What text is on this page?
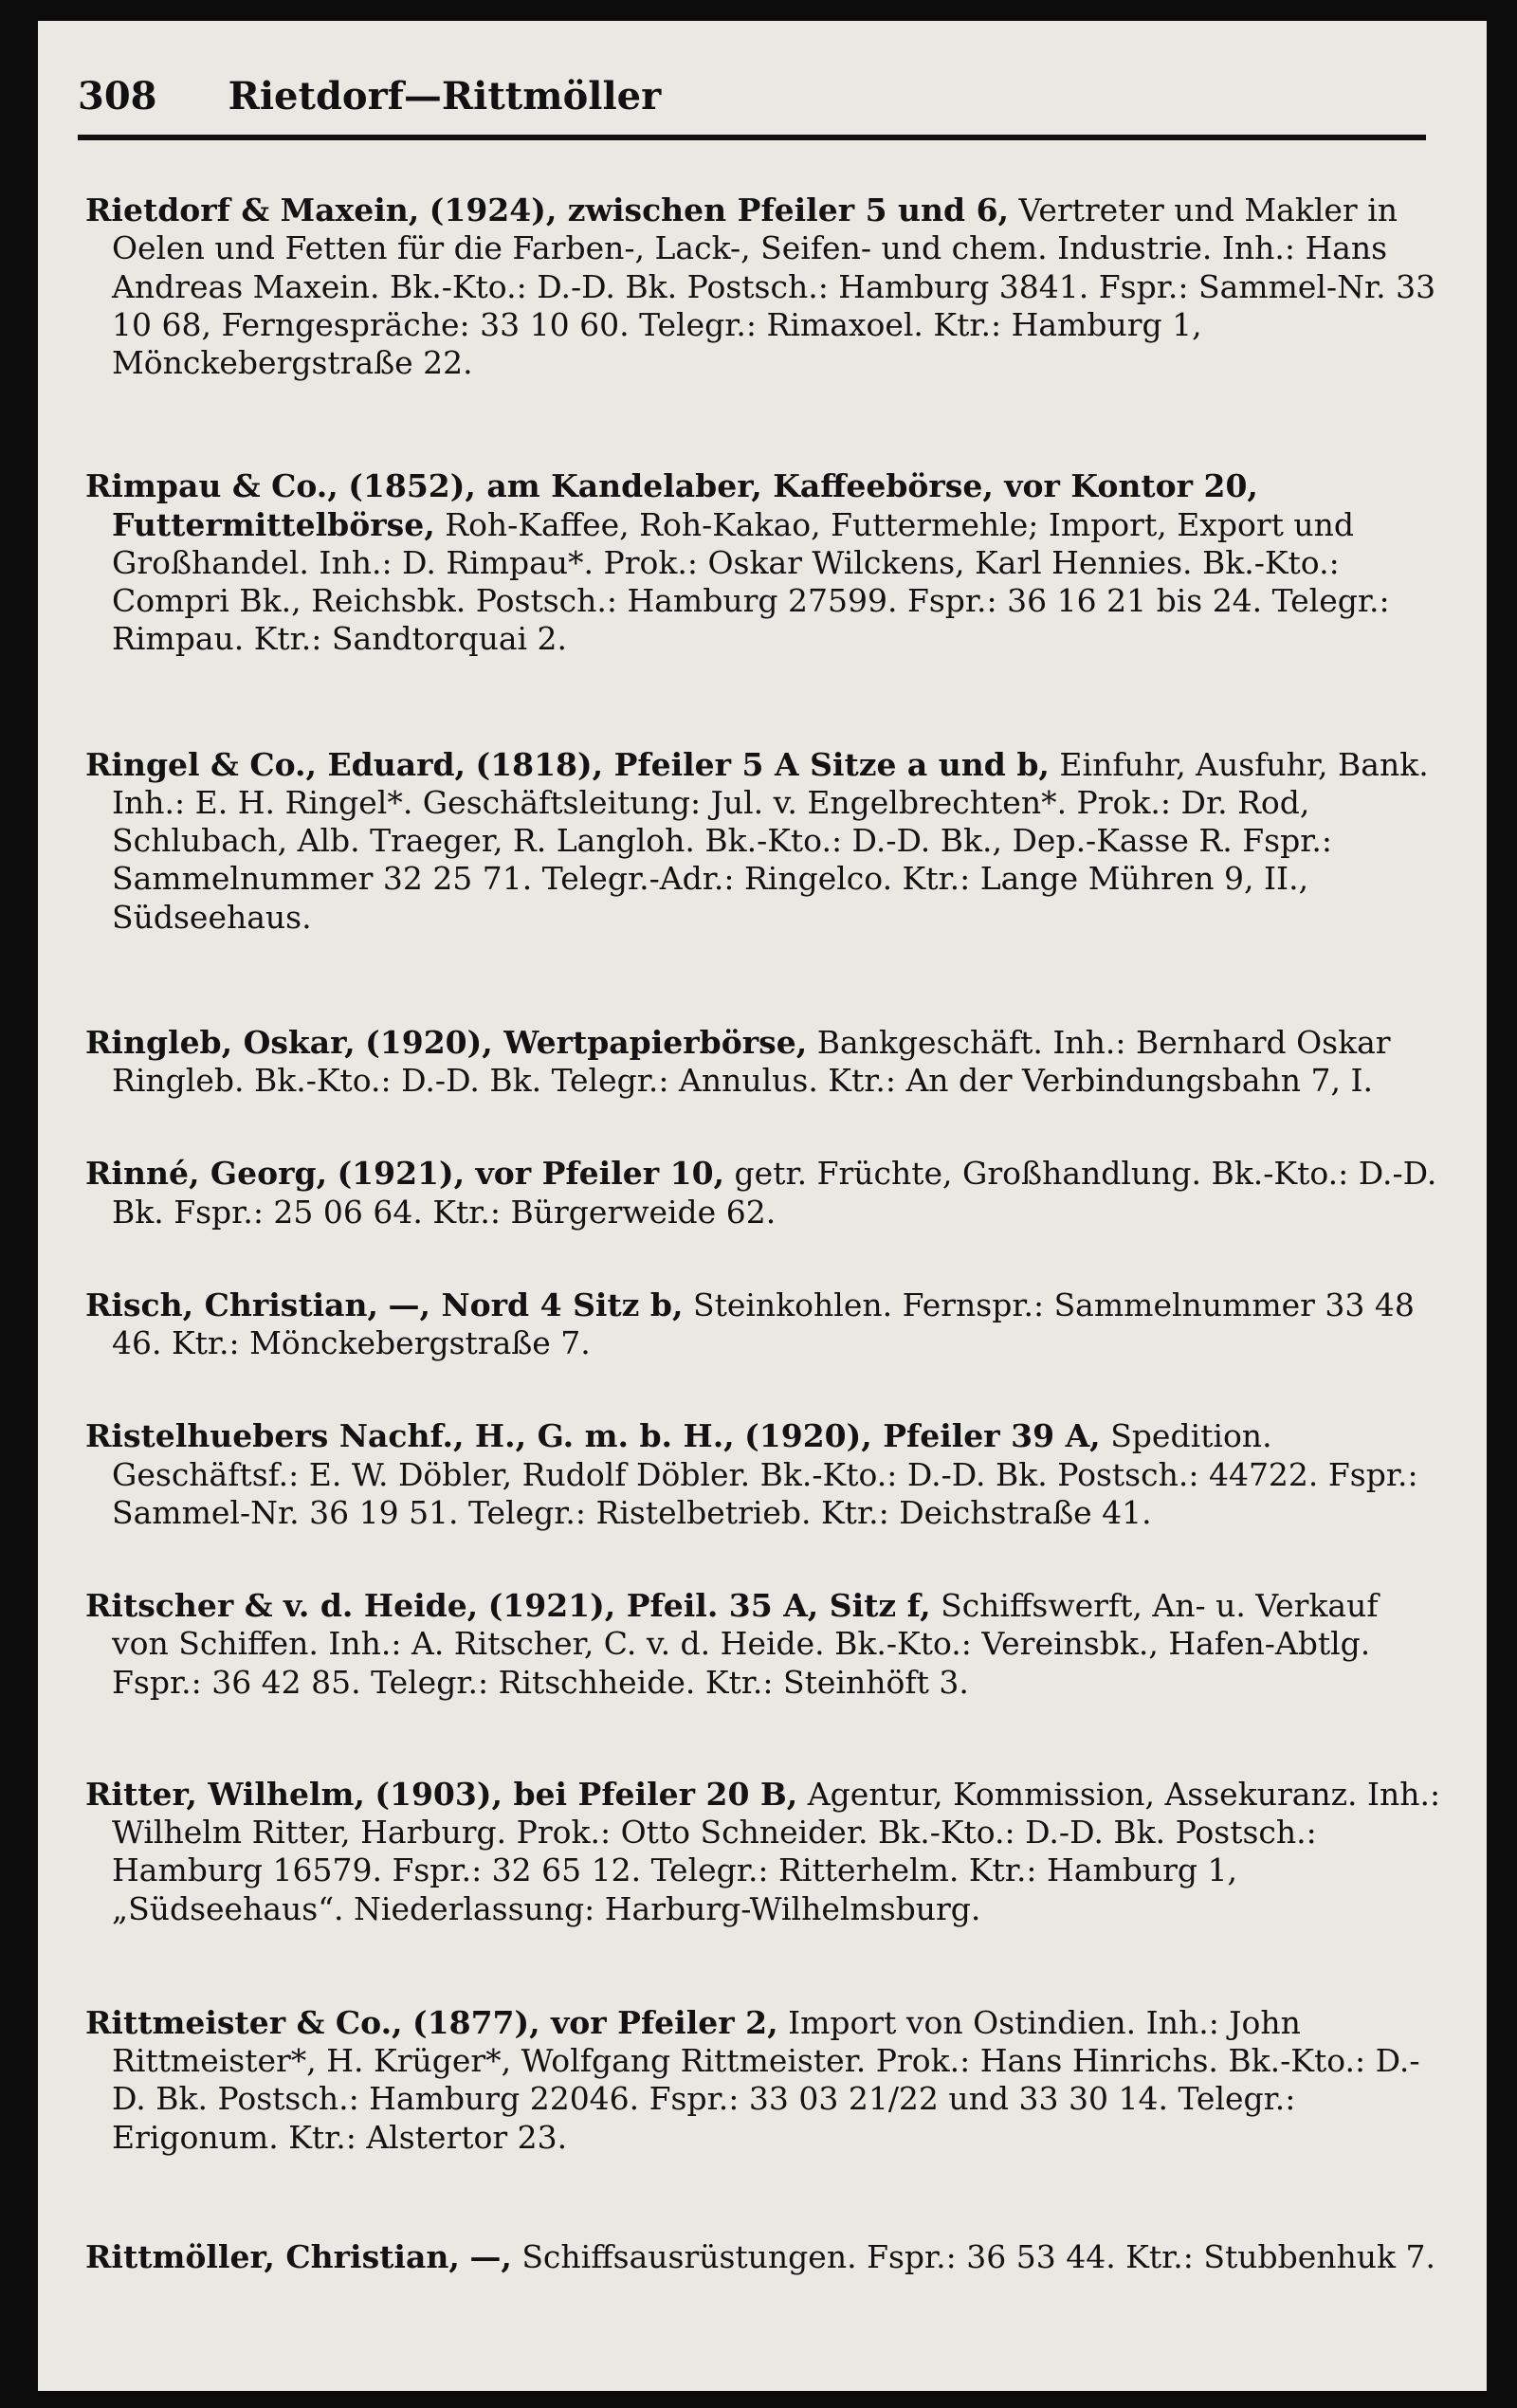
308 Rietdorf—Rittmöller

Rietdorf & Maxein, (1924), zwischen Pfeiler 5 und 6, Vertreter und Makler in Oelen und Fetten für die Farben-, Lack-, Seifen- und chem. Industrie. Inh.: Hans Andreas Maxein. Bk.-Kto.: D.-D. Bk. Postsch.: Hamburg 3841. Fspr.: Sammel-Nr. 33 10 68, Ferngespräche: 33 10 60. Telegr.: Rimaxoel. Ktr.: Hamburg 1, Mönckebergstraße 22.

Rimpau & Co., (1852), am Kandelaber, Kaffeebörse, vor Kontor 20, Futtermittelbörse, Roh-Kaffee, Roh-Kakao, Futtermehle; Import, Export und Großhandel. Inh.: D. Rimpau*. Prok.: Oskar Wilckens, Karl Hennies. Bk.-Kto.: Compri Bk., Reichsbk. Postsch.: Hamburg 27599. Fspr.: 36 16 21 bis 24. Telegr.: Rimpau. Ktr.: Sandtorquai 2.

Ringel & Co., Eduard, (1818), Pfeiler 5 A Sitze a und b, Einfuhr, Ausfuhr, Bank. Inh.: E. H. Ringel*. Geschäftsleitung: Jul. v. Engelbrechten*. Prok.: Dr. Rod, Schlubach, Alb. Traeger, R. Langloh. Bk.-Kto.: D.-D. Bk., Dep.-Kasse R. Fspr.: Sammelnummer 32 25 71. Telegr.-Adr.: Ringelco. Ktr.: Lange Mühren 9, II., Südseehaus.

Ringleb, Oskar, (1920), Wertpapierbörse, Bankgeschäft. Inh.: Bernhard Oskar Ringleb. Bk.-Kto.: D.-D. Bk. Telegr.: Annulus. Ktr.: An der Verbindungsbahn 7, I.

Rinné, Georg, (1921), vor Pfeiler 10, getr. Früchte, Großhandlung. Bk.-Kto.: D.-D. Bk. Fspr.: 25 06 64. Ktr.: Bürgerweide 62.

Risch, Christian, —, Nord 4 Sitz b, Steinkohlen. Fernspr.: Sammelnummer 33 48 46. Ktr.: Mönckebergstraße 7.

Ristelhuebers Nachf., H., G. m. b. H., (1920), Pfeiler 39 A, Spedition. Geschäftsf.: E. W. Döbler, Rudolf Döbler. Bk.-Kto.: D.-D. Bk. Postsch.: 44722. Fspr.: Sammel-Nr. 36 19 51. Telegr.: Ristelbetrieb. Ktr.: Deichstraße 41.

Ritscher & v. d. Heide, (1921), Pfeil. 35 A, Sitz f, Schiffswerft, An- u. Verkauf von Schiffen. Inh.: A. Ritscher, C. v. d. Heide. Bk.-Kto.: Vereinsbk., Hafen-Abtlg. Fspr.: 36 42 85. Telegr.: Ritschheide. Ktr.: Steinhöft 3.

Ritter, Wilhelm, (1903), bei Pfeiler 20 B, Agentur, Kommission, Assekuranz. Inh.: Wilhelm Ritter, Harburg. Prok.: Otto Schneider. Bk.-Kto.: D.-D. Bk. Postsch.: Hamburg 16579. Fspr.: 32 65 12. Telegr.: Ritterhelm. Ktr.: Hamburg 1, „Südseehaus“. Niederlassung: Harburg-Wilhelmsburg.

Rittmeister & Co., (1877), vor Pfeiler 2, Import von Ostindien. Inh.: John Rittmeister*, H. Krüger*, Wolfgang Rittmeister. Prok.: Hans Hinrichs. Bk.-Kto.: D.-D. Bk. Postsch.: Hamburg 22046. Fspr.: 33 03 21/22 und 33 30 14. Telegr.: Erigonum. Ktr.: Alstertor 23.

Rittmöller, Christian, —, Schiffsausrüstungen. Fspr.: 36 53 44. Ktr.: Stubbenhuk 7.
